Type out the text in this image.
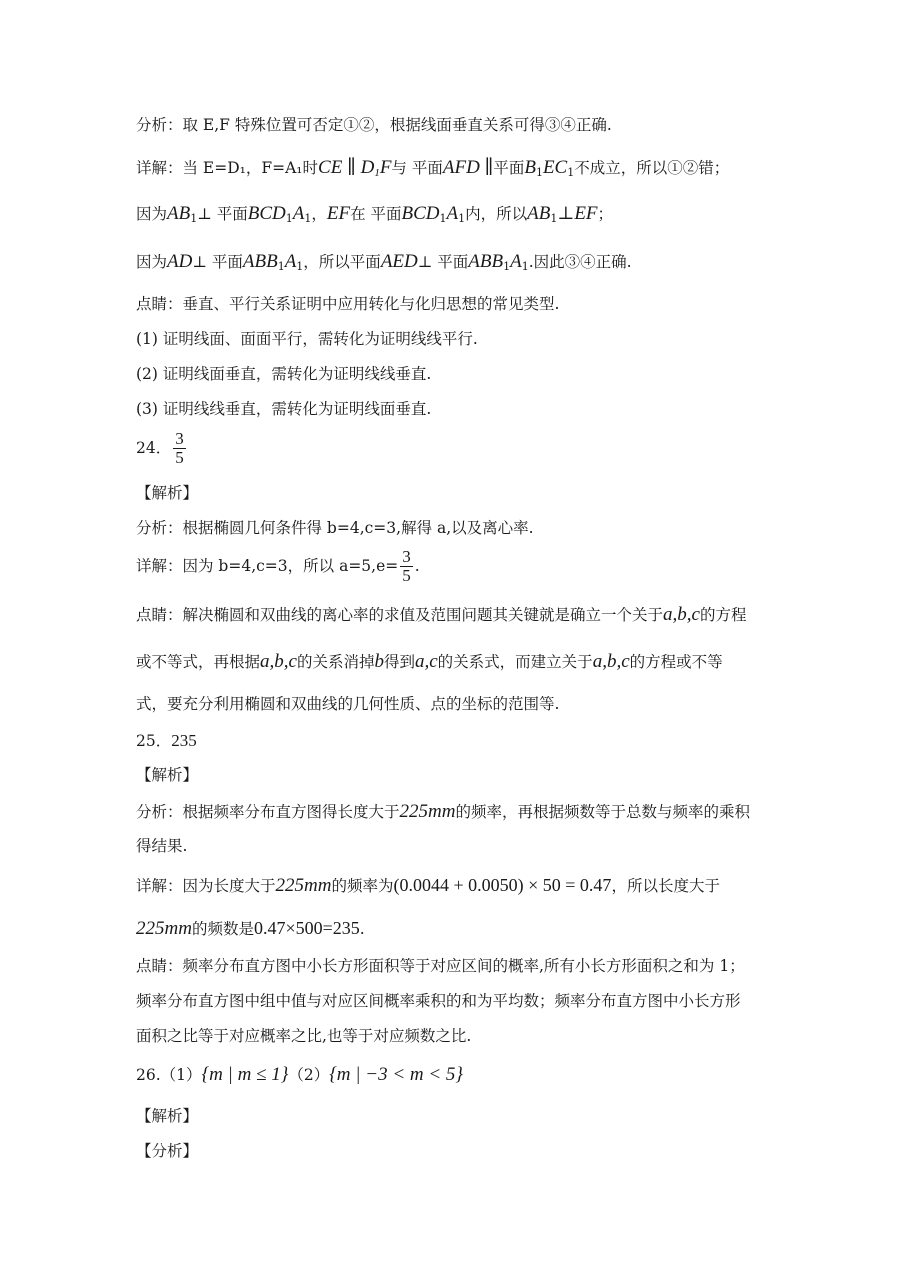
分析：取 E,F 特殊位置可否定①②，根据线面垂直关系可得③④正确.
详解：当 E=D₁，F=A₁时CE ∥ $D_1F$与 平面AFD ∥平面$B_1EC_1$不成立，所以①②错；
因为$AB_1\perp$ 平面$BCD_1A_1$，EF在 平面$BCD_1A_1$内，所以$AB_1\perp EF$；
因为AD⊥ 平面$ABB_1A_1$，所以平面AED⊥ 平面$ABB_1A_1$.因此③④正确.
点睛：垂直、平行关系证明中应用转化与化归思想的常见类型.
(1) 证明线面、面面平行，需转化为证明线线平行.
(2) 证明线面垂直，需转化为证明线线垂直.
(3) 证明线线垂直，需转化为证明线面垂直.
24． $\frac{3}{5}$
【解析】
分析：根据椭圆几何条件得 b=4,c=3,解得 a,以及离心率.
详解：因为 b=4,c=3，所以 $a=5,e= \frac{3}{5}$ .
点睛：解决椭圆和双曲线的离心率的求值及范围问题其关键就是确立一个关于a,b,c的方程
或不等式，再根据a,b,c的关系消掉b得到a,c的关系式，而建立关于a,b,c的方程或不等
式，要充分利用椭圆和双曲线的几何性质、点的坐标的范围等.
25．235
【解析】
分析：根据频率分布直方图得长度大于225mm的频率，再根据频数等于总数与频率的乘积
得结果.
详解：因为长度大于225mm的频率为(0.0044 + 0.0050) × 50 = 0.47，所以长度大于
225mm的频数是0.47×500=235.
点睛：频率分布直方图中小长方形面积等于对应区间的概率,所有小长方形面积之和为 1；
频率分布直方图中组中值与对应区间概率乘积的和为平均数；频率分布直方图中小长方形
面积之比等于对应概率之比,也等于对应频数之比.
26.（1）{m | m ≤ 1}（2）{m | −3 < m < 5}
【解析】
【分析】
